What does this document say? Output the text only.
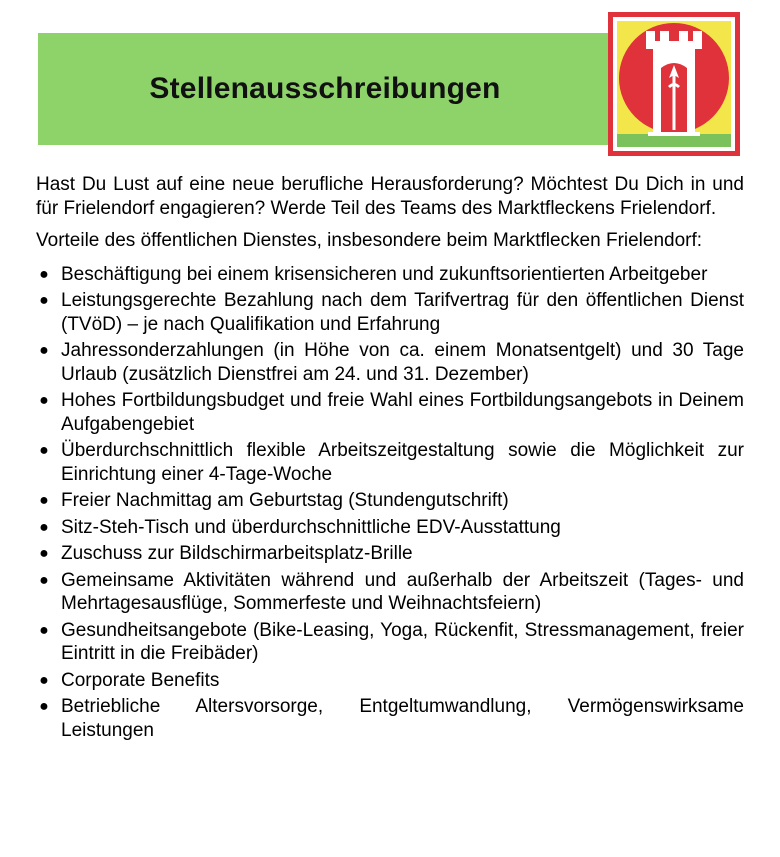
Stellenausschreibungen

Hast Du Lust auf eine neue berufliche Herausforderung? Möchtest Du Dich in und für Frielendorf engagieren? Werde Teil des Teams des Marktfleckens Frielendorf.

Vorteile des öffentlichen Dienstes, insbesondere beim Marktflecken Frielendorf:

● Beschäftigung bei einem krisensicheren und zukunftsorientierten Arbeitgeber
● Leistungsgerechte Bezahlung nach dem Tarifvertrag für den öffentlichen Dienst (TVöD) – je nach Qualifikation und Erfahrung
● Jahressonderzahlungen (in Höhe von ca. einem Monatsentgelt) und 30 Tage Urlaub (zusätzlich Dienstfrei am 24. und 31. Dezember)
● Hohes Fortbildungsbudget und freie Wahl eines Fortbildungsangebots in Deinem Aufgabengebiet
● Überdurchschnittlich flexible Arbeitszeitgestaltung sowie die Möglichkeit zur Einrichtung einer 4-Tage-Woche
● Freier Nachmittag am Geburtstag (Stundengutschrift)
● Sitz-Steh-Tisch und überdurchschnittliche EDV-Ausstattung
● Zuschuss zur Bildschirmarbeitsplatz-Brille
● Gemeinsame Aktivitäten während und außerhalb der Arbeitszeit (Tages- und Mehrtagesausflüge, Sommerfeste und Weihnachtsfeiern)
● Gesundheitsangebote (Bike-Leasing, Yoga, Rückenfit, Stressmanagement, freier Eintritt in die Freibäder)
● Corporate Benefits
● Betriebliche Altersvorsorge, Entgeltumwandlung, Vermögenswirksame Leistungen
